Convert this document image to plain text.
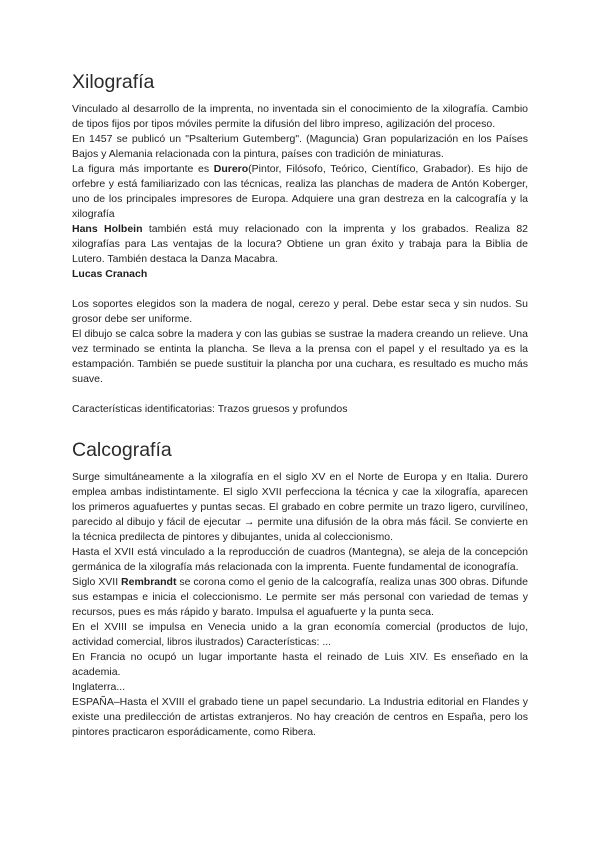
Xilografía

Vinculado al desarrollo de la imprenta, no inventada sin el conocimiento de la xilografía. Cambio de tipos fijos por tipos móviles permite la difusión del libro impreso, agilización del proceso.

En 1457 se publicó un "Psalterium Gutemberg". (Maguncia) Gran popularización en los Países Bajos y Alemania relacionada con la pintura, países con tradición de miniaturas.

La figura más importante es Durero(Pintor, Filósofo, Teórico, Científico, Grabador). Es hijo de orfebre y está familiarizado con las técnicas, realiza las planchas de madera de Antón Koberger, uno de los principales impresores de Europa. Adquiere una gran destreza en la calcografía y la xilografía

Hans Holbein también está muy relacionado con la imprenta y los grabados. Realiza 82 xilografías para Las ventajas de la locura? Obtiene un gran éxito y trabaja para la Biblia de Lutero. También destaca la Danza Macabra.

Lucas Cranach

Los soportes elegidos son la madera de nogal, cerezo y peral. Debe estar seca y sin nudos. Su grosor debe ser uniforme.

El dibujo se calca sobre la madera y con las gubias se sustrae la madera creando un relieve. Una vez terminado se entinta la plancha. Se lleva a la prensa con el papel y el resultado ya es la estampación. También se puede sustituir la plancha por una cuchara, es resultado es mucho más suave.

Características identificatorias: Trazos gruesos y profundos

Calcografía

Surge simultáneamente a la xilografía en el siglo XV en el Norte de Europa y en Italia. Durero emplea ambas indistintamente. El siglo XVII perfecciona la técnica y cae la xilografía, aparecen los primeros aguafuertes y puntas secas. El grabado en cobre permite un trazo ligero, curvilíneo, parecido al dibujo y fácil de ejecutar → permite una difusión de la obra más fácil. Se convierte en la técnica predilecta de pintores y dibujantes, unida al coleccionismo.

Hasta el XVII está vinculado a la reproducción de cuadros (Mantegna), se aleja de la concepción germánica de la xilografía más relacionada con la imprenta. Fuente fundamental de iconografía.

Siglo XVII Rembrandt se corona como el genio de la calcografía, realiza unas 300 obras. Difunde sus estampas e inicia el coleccionismo. Le permite ser más personal con variedad de temas y recursos, pues es más rápido y barato. Impulsa el aguafuerte y la punta seca.

En el XVIII se impulsa en Venecia unido a la gran economía comercial (productos de lujo, actividad comercial, libros ilustrados) Características: ...

En Francia no ocupó un lugar importante hasta el reinado de Luis XIV. Es enseñado en la academia.

Inglaterra...

ESPAÑA–Hasta el XVIII el grabado tiene un papel secundario. La Industria editorial en Flandes y existe una predilección de artistas extranjeros. No hay creación de centros en España, pero los pintores practicaron esporádicamente, como Ribera.
